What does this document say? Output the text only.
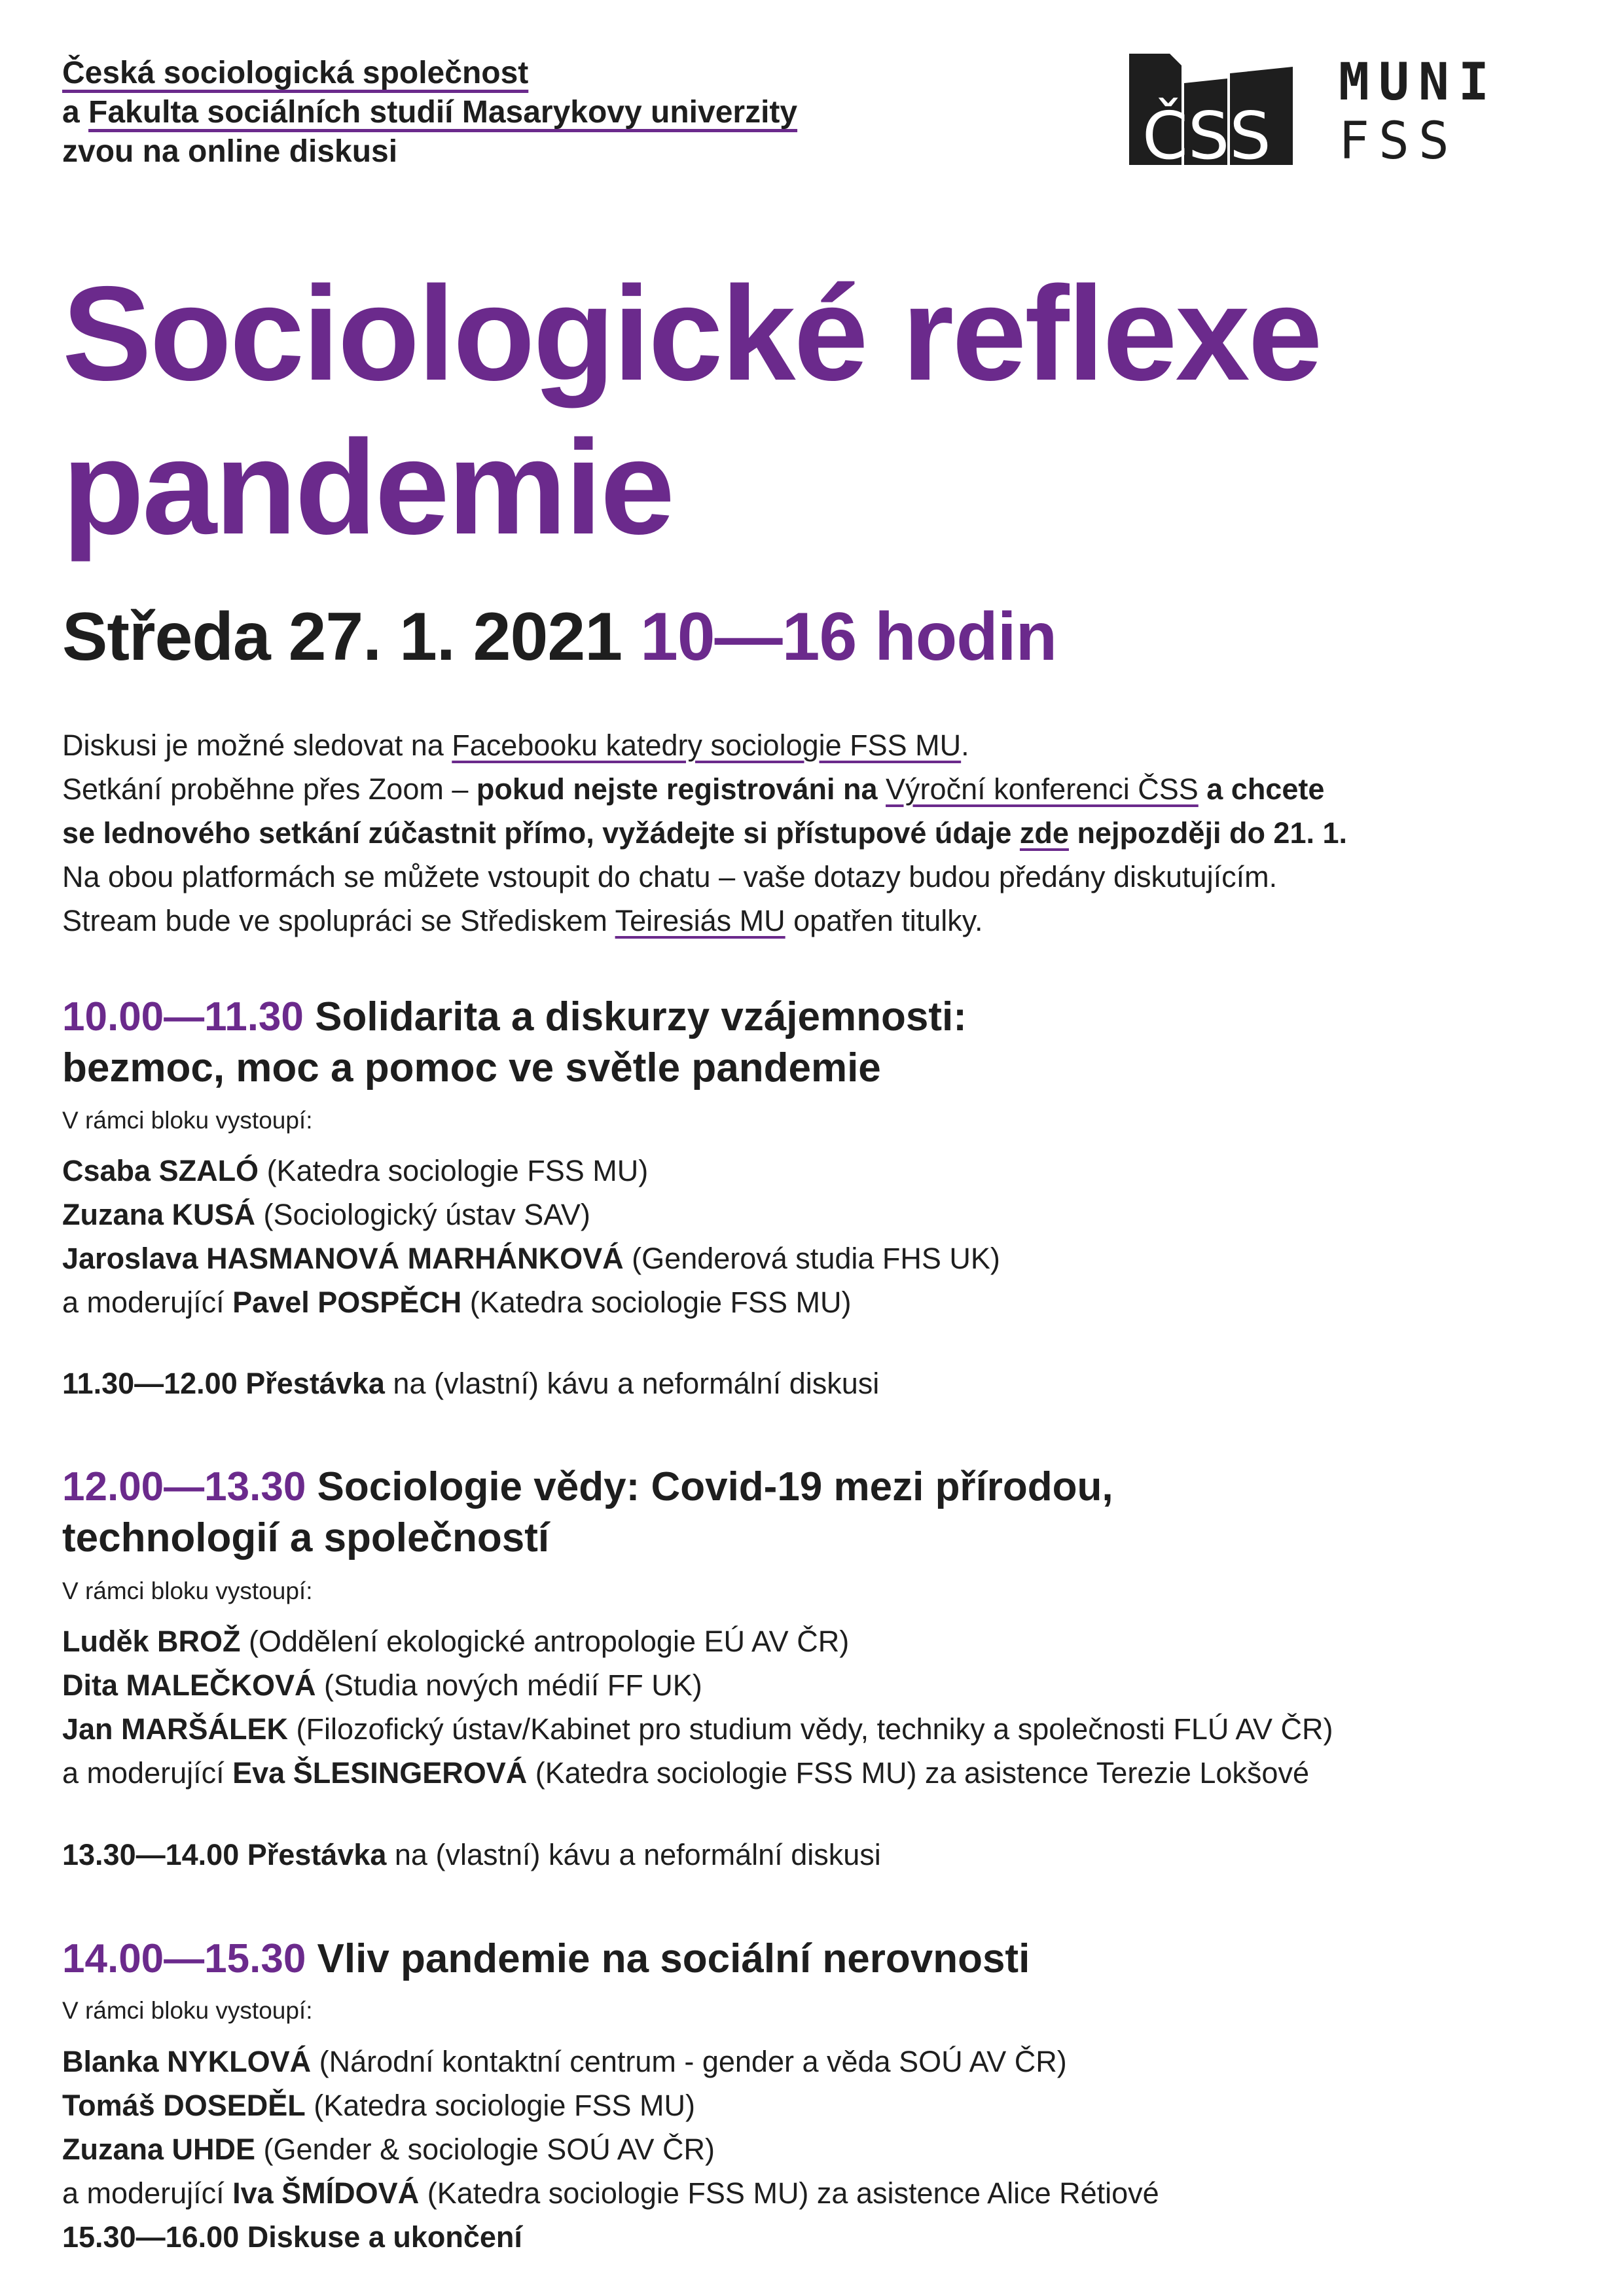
Česká sociologická společnost
a Fakulta sociálních studií Masarykovy univerzity
zvou na online diskusi	ČSS
MUNI
FSS
Sociologické reflexe
pandemie
Středa 27. 1. 2021 10—16 hodin

Diskusi je možné sledovat na Facebooku katedry sociologie FSS MU.

Setkání proběhne přes Zoom – pokud nejste registrováni na Výroční konferenci ČSS a chcete

se lednového setkání zúčastnit přímo, vyžádejte si přístupové údaje zde nejpozději do 21. 1.

Na obou platformách se můžete vstoupit do chatu – vaše dotazy budou předány diskutujícím.

Stream bude ve spolupráci se Střediskem Teiresiás MU opatřen titulky.

10.00—11.30 Solidarita a diskurzy vzájemnosti:
bezmoc, moc a pomoc ve světle pandemie
V rámci bloku vystoupí:
Csaba SZALÓ (Katedra sociologie FSS MU)
Zuzana KUSÁ (Sociologický ústav SAV)
Jaroslava HASMANOVÁ MARHÁNKOVÁ (Genderová studia FHS UK)
a moderující Pavel POSPĚCH (Katedra sociologie FSS MU)
11.30—12.00 Přestávka na (vlastní) kávu a neformální diskusi
12.00—13.30 Sociologie vědy: Covid-19 mezi přírodou,
technologií a společností
V rámci bloku vystoupí:
Luděk BROŽ (Oddělení ekologické antropologie EÚ AV ČR)
Dita MALEČKOVÁ (Studia nových médií FF UK)
Jan MARŠÁLEK (Filozofický ústav/Kabinet pro studium vědy, techniky a společnosti FLÚ AV ČR)
a moderující Eva ŠLESINGEROVÁ (Katedra sociologie FSS MU) za asistence Terezie Lokšové
13.30—14.00 Přestávka na (vlastní) kávu a neformální diskusi
14.00—15.30 Vliv pandemie na sociální nerovnosti
V rámci bloku vystoupí:
Blanka NYKLOVÁ (Národní kontaktní centrum - gender a věda SOÚ AV ČR)
Tomáš DOSEDĚL (Katedra sociologie FSS MU)
Zuzana UHDE (Gender & sociologie SOÚ AV ČR)
a moderující Iva ŠMÍDOVÁ (Katedra sociologie FSS MU) za asistence Alice Rétiové
15.30—16.00 Diskuse a ukončení
